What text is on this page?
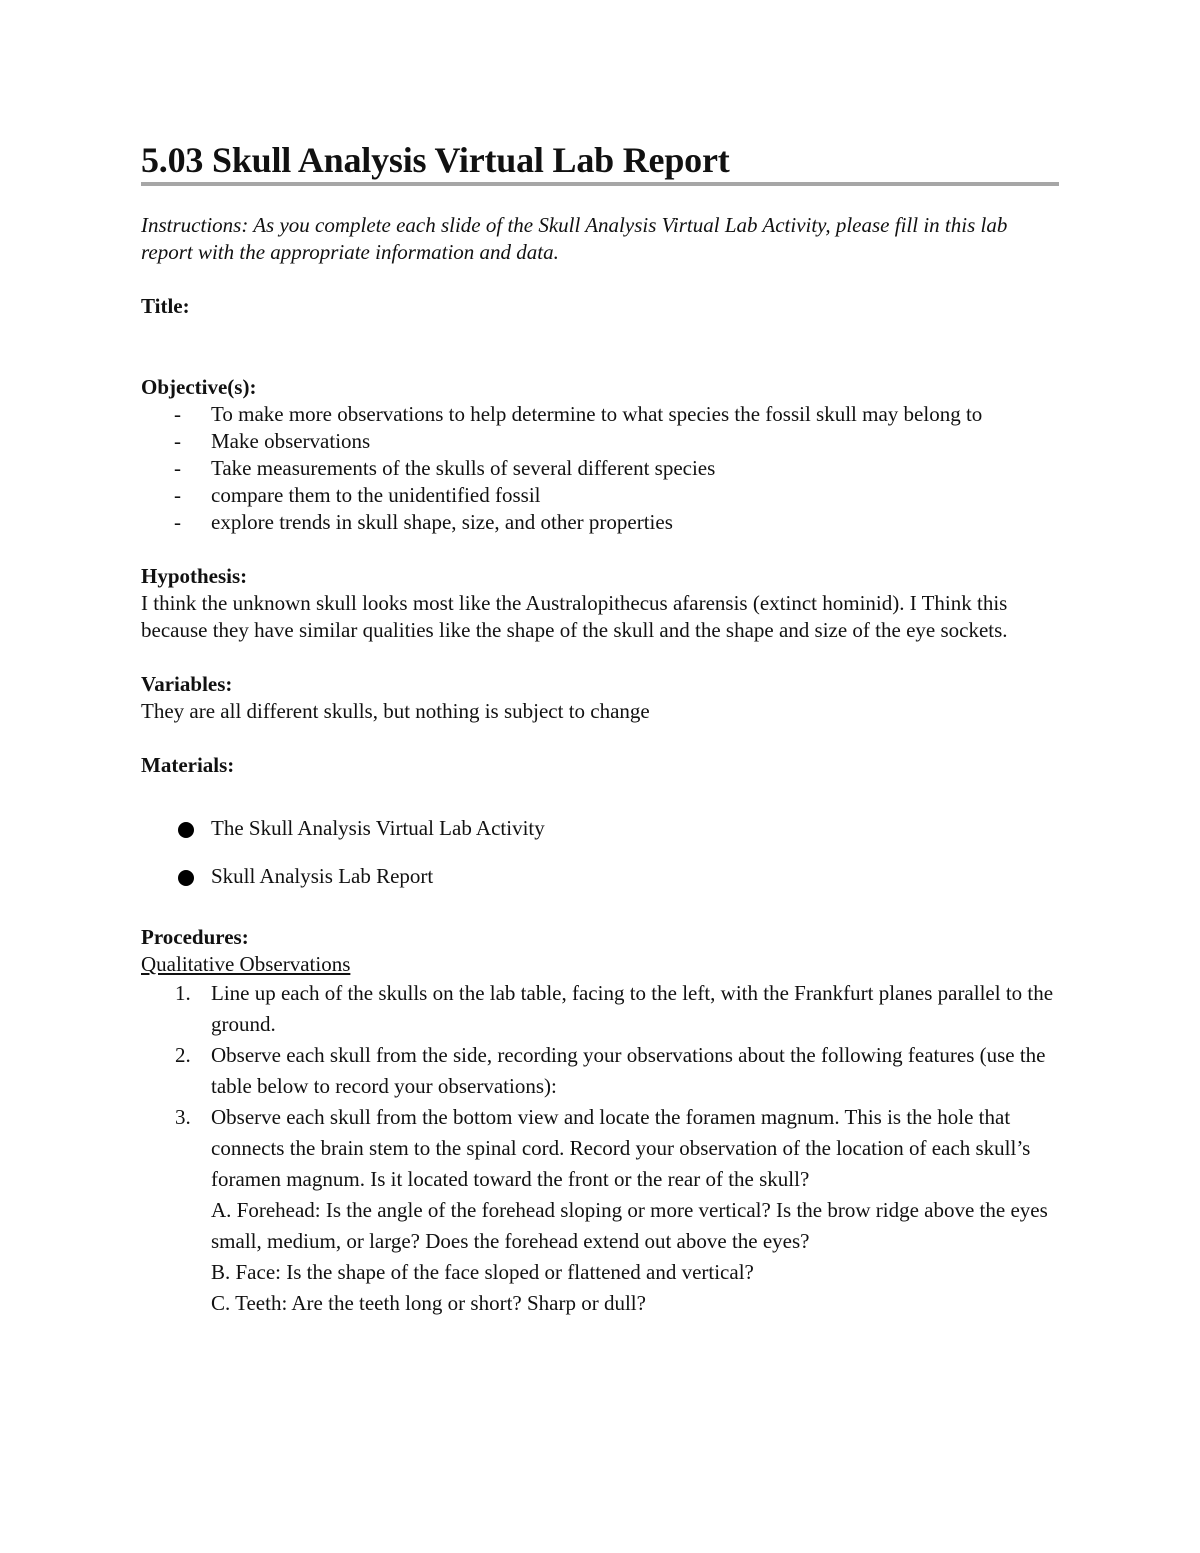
5.03 Skull Analysis Virtual Lab Report
Instructions: As you complete each slide of the Skull Analysis Virtual Lab Activity, please fill in this lab report with the appropriate information and data.
Title:
Objective(s):
- To make more observations to help determine to what species the fossil skull may belong to
- Make observations
- Take measurements of the skulls of several different species
- compare them to the unidentified fossil
- explore trends in skull shape, size, and other properties
Hypothesis:
I think the unknown skull looks most like the Australopithecus afarensis (extinct hominid). I Think this because they have similar qualities like the shape of the skull and the shape and size of the eye sockets.
Variables:
They are all different skulls, but nothing is subject to change
Materials:
The Skull Analysis Virtual Lab Activity
Skull Analysis Lab Report
Procedures:
Qualitative Observations
1. Line up each of the skulls on the lab table, facing to the left, with the Frankfurt planes parallel to the ground.
2. Observe each skull from the side, recording your observations about the following features (use the table below to record your observations):
3. Observe each skull from the bottom view and locate the foramen magnum. This is the hole that connects the brain stem to the spinal cord. Record your observation of the location of each skull’s foramen magnum. Is it located toward the front or the rear of the skull?
A. Forehead: Is the angle of the forehead sloping or more vertical? Is the brow ridge above the eyes small, medium, or large? Does the forehead extend out above the eyes?
B. Face: Is the shape of the face sloped or flattened and vertical?
C. Teeth: Are the teeth long or short? Sharp or dull?
